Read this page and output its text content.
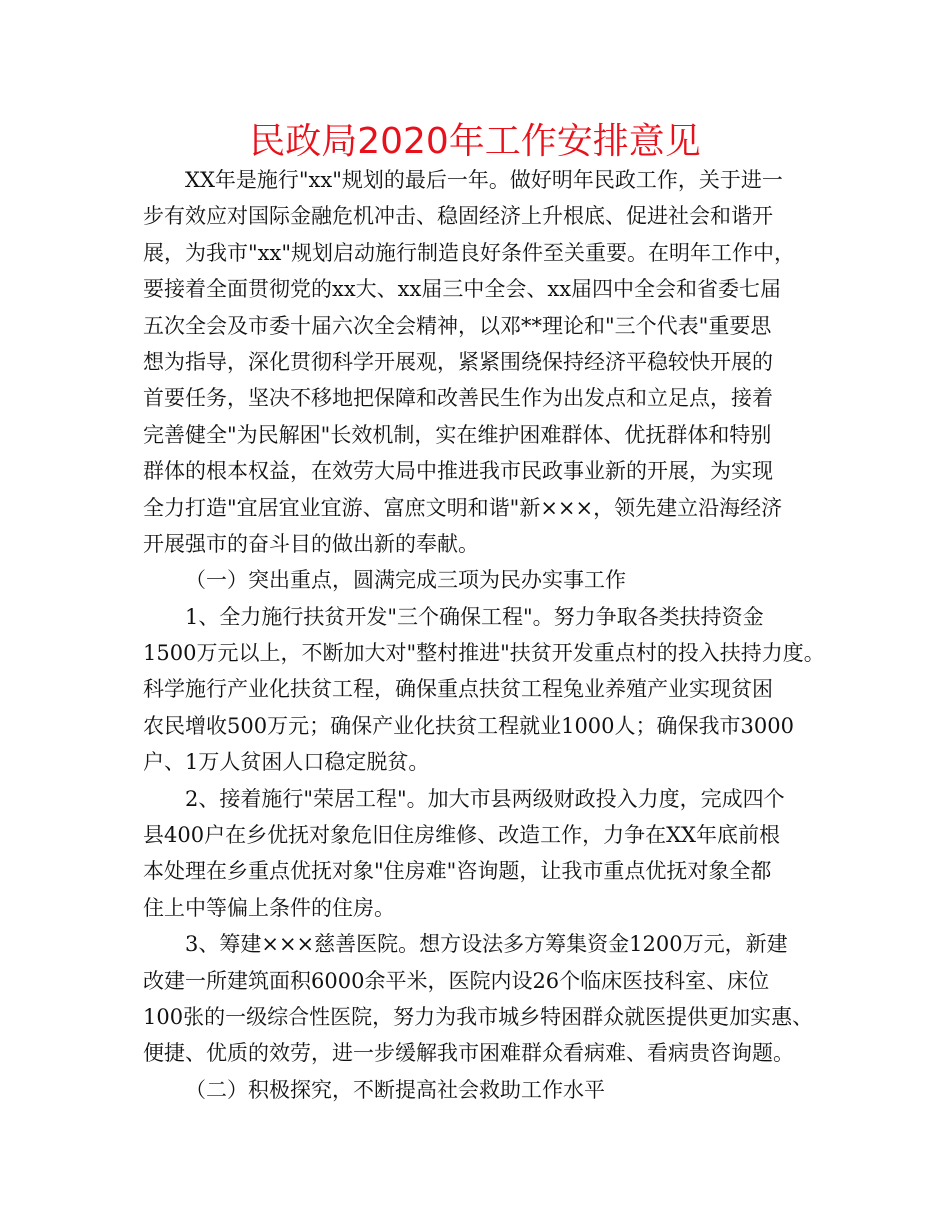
民政局2020年工作安排意见
XX年是施行"xx"规划的最后一年。做好明年民政工作，关于进一
步有效应对国际金融危机冲击、稳固经济上升根底、促进社会和谐开
展，为我市"xx"规划启动施行制造良好条件至关重要。在明年工作中，
要接着全面贯彻党的xx大、xx届三中全会、xx届四中全会和省委七届
五次全会及市委十届六次全会精神，以邓**理论和"三个代表"重要思
想为指导，深化贯彻科学开展观，紧紧围绕保持经济平稳较快开展的
首要任务，坚决不移地把保障和改善民生作为出发点和立足点，接着
完善健全"为民解困"长效机制，实在维护困难群体、优抚群体和特别
群体的根本权益，在效劳大局中推进我市民政事业新的开展，为实现
全力打造"宜居宜业宜游、富庶文明和谐"新×××，领先建立沿海经济
开展强市的奋斗目的做出新的奉献。
（一）突出重点，圆满完成三项为民办实事工作
1、全力施行扶贫开发"三个确保工程"。努力争取各类扶持资金
1500万元以上，不断加大对"整村推进"扶贫开发重点村的投入扶持力度。
科学施行产业化扶贫工程，确保重点扶贫工程兔业养殖产业实现贫困
农民增收500万元；确保产业化扶贫工程就业1000人；确保我市3000
户、1万人贫困人口稳定脱贫。
2、接着施行"荣居工程"。加大市县两级财政投入力度，完成四个
县400户在乡优抚对象危旧住房维修、改造工作，力争在XX年底前根
本处理在乡重点优抚对象"住房难"咨询题，让我市重点优抚对象全都
住上中等偏上条件的住房。
3、筹建×××慈善医院。想方设法多方筹集资金1200万元，新建
改建一所建筑面积6000余平米，医院内设26个临床医技科室、床位
100张的一级综合性医院，努力为我市城乡特困群众就医提供更加实惠、
便捷、优质的效劳，进一步缓解我市困难群众看病难、看病贵咨询题。
（二）积极探究，不断提高社会救助工作水平
